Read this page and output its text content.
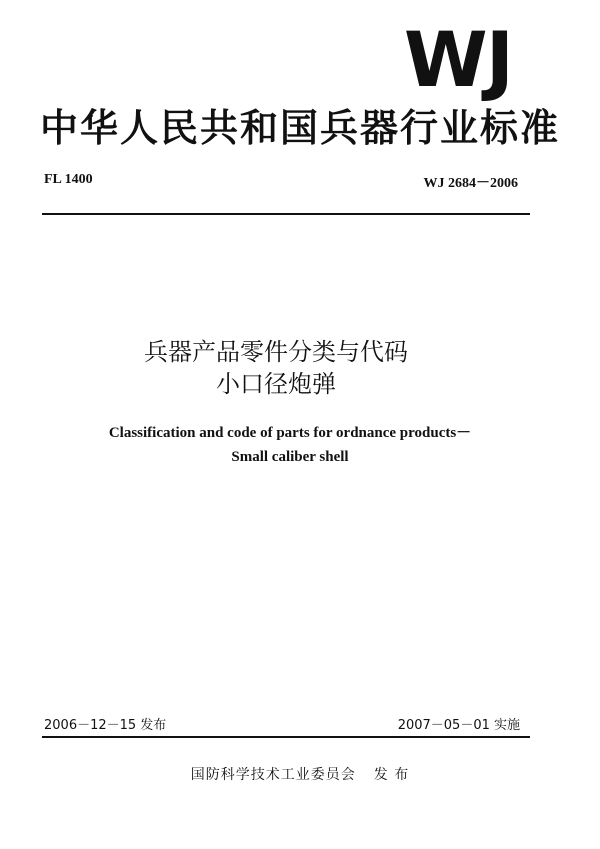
WJ
中华人民共和国兵器行业标准
FL 1400	WJ 2684－2006
兵器产品零件分类与代码
小口径炮弹
Classification and code of parts for ordnance products－
Small caliber shell
2006－12－15 发布	2007－05－01 实施
国防科学技术工业委员会 发 布
